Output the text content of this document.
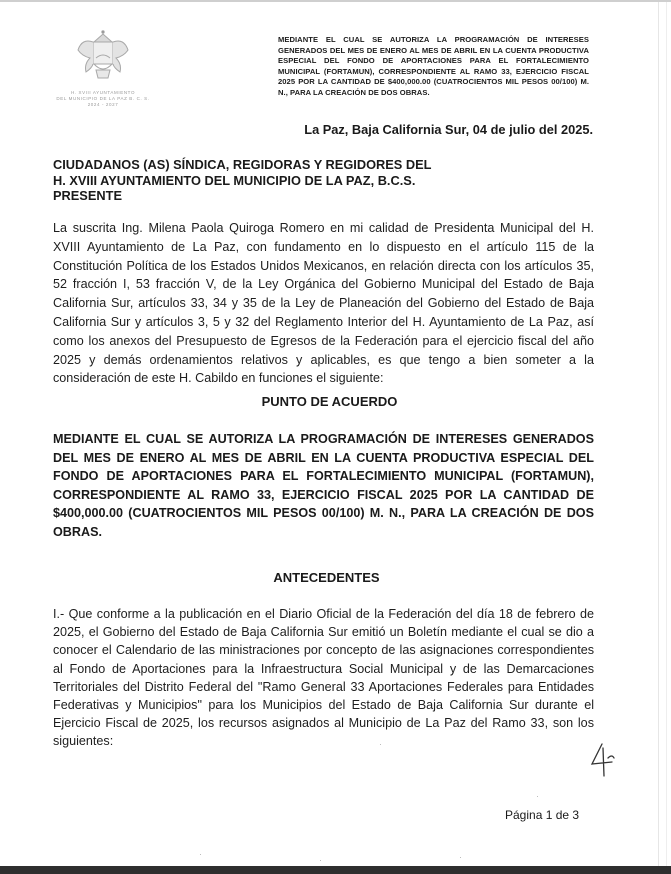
H. XVIII AYUNTAMIENTO
DEL MUNICIPIO DE LA PAZ B. C. S.
2024 - 2027
MEDIANTE EL CUAL SE AUTORIZA LA PROGRAMACIÓN DE INTERESES GENERADOS DEL MES DE ENERO AL MES DE ABRIL EN LA CUENTA PRODUCTIVA ESPECIAL DEL FONDO DE APORTACIONES PARA EL FORTALECIMIENTO MUNICIPAL (FORTAMUN), CORRESPONDIENTE AL RAMO 33, EJERCICIO FISCAL 2025 POR LA CANTIDAD DE $400,000.00 (CUATROCIENTOS MIL PESOS 00/100) M. N., PARA LA CREACIÓN DE DOS OBRAS.
La Paz, Baja California Sur, 04 de julio del 2025.
CIUDADANOS (AS) SÍNDICA, REGIDORAS Y REGIDORES DEL
H. XVIII AYUNTAMIENTO DEL MUNICIPIO DE LA PAZ, B.C.S.
PRESENTE
La suscrita Ing. Milena Paola Quiroga Romero en mi calidad de Presidenta Municipal del H. XVIII Ayuntamiento de La Paz, con fundamento en lo dispuesto en el artículo 115 de la Constitución Política de los Estados Unidos Mexicanos, en relación directa con los artículos 35, 52 fracción I, 53 fracción V, de la Ley Orgánica del Gobierno Municipal del Estado de Baja California Sur, artículos 33, 34 y 35 de la Ley de Planeación del Gobierno del Estado de Baja California Sur y artículos 3, 5 y 32 del Reglamento Interior del H. Ayuntamiento de La Paz, así como los anexos del Presupuesto de Egresos de la Federación para el ejercicio fiscal del año 2025 y demás ordenamientos relativos y aplicables, es que tengo a bien someter a la consideración de este H. Cabildo en funciones el siguiente:
PUNTO DE ACUERDO
MEDIANTE EL CUAL SE AUTORIZA LA PROGRAMACIÓN DE INTERESES GENERADOS DEL MES DE ENERO AL MES DE ABRIL EN LA CUENTA PRODUCTIVA ESPECIAL DEL FONDO DE APORTACIONES PARA EL FORTALECIMIENTO MUNICIPAL (FORTAMUN), CORRESPONDIENTE AL RAMO 33, EJERCICIO FISCAL 2025 POR LA CANTIDAD DE $400,000.00 (CUATROCIENTOS MIL PESOS 00/100) M. N., PARA LA CREACIÓN DE DOS OBRAS.
ANTECEDENTES
I.- Que conforme a la publicación en el Diario Oficial de la Federación del día 18 de febrero de 2025, el Gobierno del Estado de Baja California Sur emitió un Boletín mediante el cual se dio a conocer el Calendario de las ministraciones por concepto de las asignaciones correspondientes al Fondo de Aportaciones para la Infraestructura Social Municipal y de las Demarcaciones Territoriales del Distrito Federal del "Ramo General 33 Aportaciones Federales para Entidades Federativas y Municipios" para los Municipios del Estado de Baja California Sur durante el Ejercicio Fiscal de 2025, los recursos asignados al Municipio de La Paz del Ramo 33, son los siguientes:
Página 1 de 3
